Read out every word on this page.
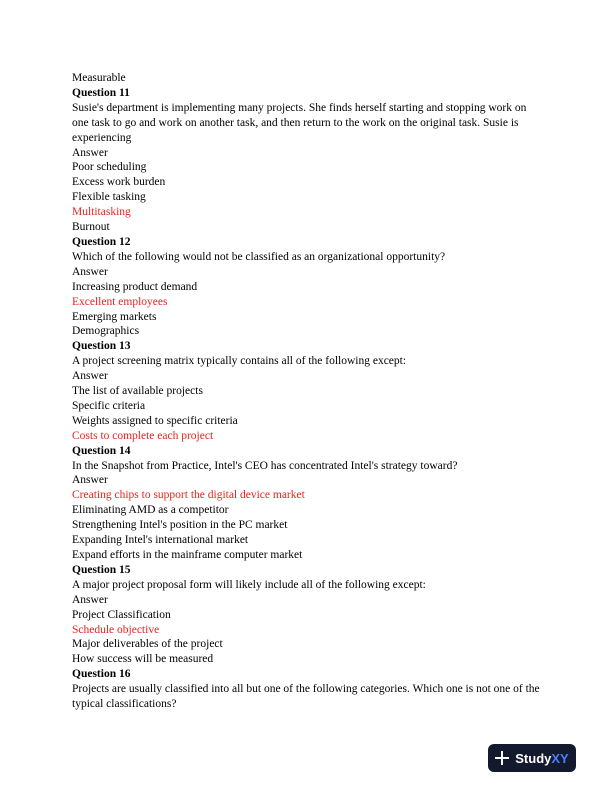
Measurable
Question 11
Susie's department is implementing many projects. She finds herself starting and stopping work on one task to go and work on another task, and then return to the work on the original task. Susie is experiencing
Answer
Poor scheduling
Excess work burden
Flexible tasking
Multitasking
Burnout
Question 12
Which of the following would not be classified as an organizational opportunity?
Answer
Increasing product demand
Excellent employees
Emerging markets
Demographics
Question 13
A project screening matrix typically contains all of the following except:
Answer
The list of available projects
Specific criteria
Weights assigned to specific criteria
Costs to complete each project
Question 14
In the Snapshot from Practice, Intel's CEO has concentrated Intel's strategy toward?
Answer
Creating chips to support the digital device market
Eliminating AMD as a competitor
Strengthening Intel's position in the PC market
Expanding Intel's international market
Expand efforts in the mainframe computer market
Question 15
A major project proposal form will likely include all of the following except:
Answer
Project Classification
Schedule objective
Major deliverables of the project
How success will be measured
Question 16
Projects are usually classified into all but one of the following categories. Which one is not one of the typical classifications?
Study XY
